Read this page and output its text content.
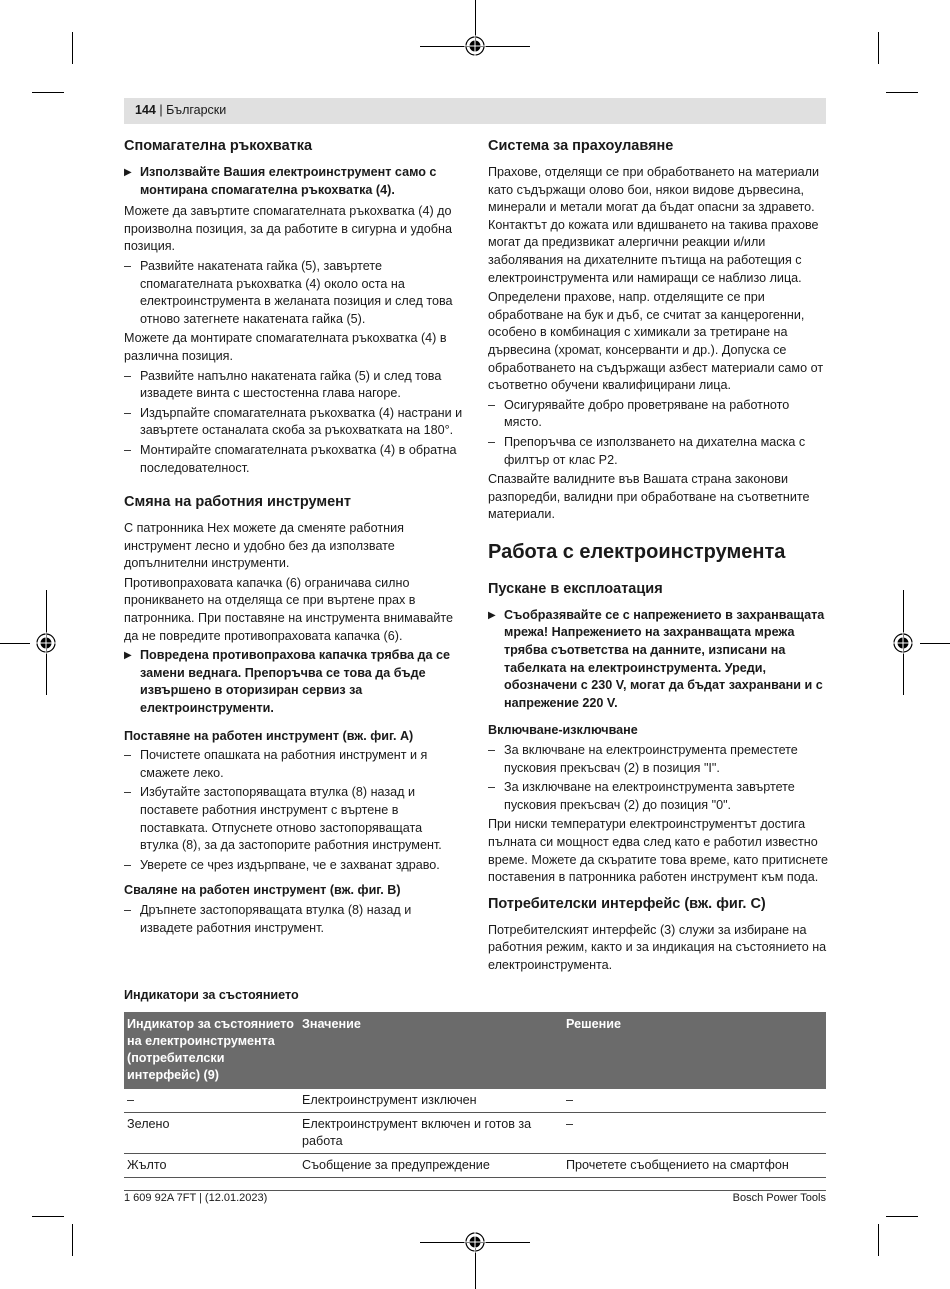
144 | Български
Спомагателна ръкохватка
▶ Използвайте Вашия електроинструмент само с монтирана спомагателна ръкохватка (4).

Можете да завъртите спомагателната ръкохватка (4) до произволна позиция, за да работите в сигурна и удобна позиция.

– Развийте накатената гайка (5), завъртете спомагателната ръкохватка (4) около оста на електроинструмента в желаната позиция и след това отново затегнете накатената гайка (5).

Можете да монтирате спомагателната ръкохватка (4) в различна позиция.

– Развийте напълно накатената гайка (5) и след това извадете винта с шестостенна глава нагоре.
– Издърпайте спомагателната ръкохватка (4) настрани и завъртете останалата скоба за ръкохватката на 180°.
– Монтирайте спомагателната ръкохватка (4) в обратна последователност.
Смяна на работния инструмент

С патронника Hex можете да сменяте работния инструмент лесно и удобно без да използвате допълнителни инструменти.

Противопраховата капачка (6) ограничава силно проникването на отделяща се при въртене прах в патронника. При поставяне на инструмента внимавайте да не повредите противопраховата капачка (6).

▶ Повредена противопрахова капачка трябва да се замени веднага. Препоръчва се това да бъде извършено в оторизиран сервиз за електроинструменти.
Поставяне на работен инструмент (вж. фиг. A)
– Почистете опашката на работния инструмент и я смажете леко.
– Избутайте застопоряващата втулка (8) назад и поставете работния инструмент с въртене в поставката. Отпуснете отново застопоряващата втулка (8), за да застопорите работния инструмент.
– Уверете се чрез издърпване, че е захванат здраво.
Сваляне на работен инструмент (вж. фиг. B)
– Дръпнете застопоряващата втулка (8) назад и извадете работния инструмент.
Система за прахоулавяне

Прахове, отделящи се при обработването на материали като съдържащи олово бои, някои видове дървесина, минерали и метали могат да бъдат опасни за здравето. Контактът до кожата или вдишването на такива прахове могат да предизвикат алергични реакции и/или заболявания на дихателните пътища на работещия с електроинструмента или намиращи се наблизо лица.

Определени прахове, напр. отделящите се при обработване на бук и дъб, се считат за канцерогенни, особено в комбинация с химикали за третиране на дървесина (хромат, консерванти и др.). Допуска се обработването на съдържащи азбест материали само от съответно обучени квалифицирани лица.

– Осигурявайте добро проветряване на работното място.
– Препоръчва се използването на дихателна маска с филтър от клас P2.

Спазвайте валидните във Вашата страна законови разпоредби, валидни при обработване на съответните материали.

Работа с електроинструмента
Пускане в експлоатация
▶ Съобразявайте се с напрежението в захранващата мрежа! Напрежението на захранващата мрежа трябва съответства на данните, изписани на табелката на електроинструмента. Уреди, обозначени с 230 V, могат да бъдат захранвани и с напрежение 220 V.
Включване-изключване
– За включване на електроинструмента преместете пусковия прекъсвач (2) в позиция "I".
– За изключване на електроинструмента завъртете пусковия прекъсвач (2) до позиция "0".

При ниски температури електроинструментът достига пълната си мощност едва след като е работил известно време. Можете да скъратите това време, като притиснете поставения в патронника работен инструмент към пода.

Потребителски интерфейс (вж. фиг. C)

Потребителският интерфейс (3) служи за избиране на работния режим, както и за индикация на състоянието на електроинструмента.

Индикатори за състоянието
Индикатор за състоянието на електроинструмента (потребителски интерфейс) (9)	Значение	Решение
–	Електроинструмент изключен	–
Зелено	Електроинструмент включен и готов за работа	–
Жълто	Съобщение за предупреждение	Прочетете съобщението на смартфон
1 609 92A 7FT | (12.01.2023)	Bosch Power Tools
